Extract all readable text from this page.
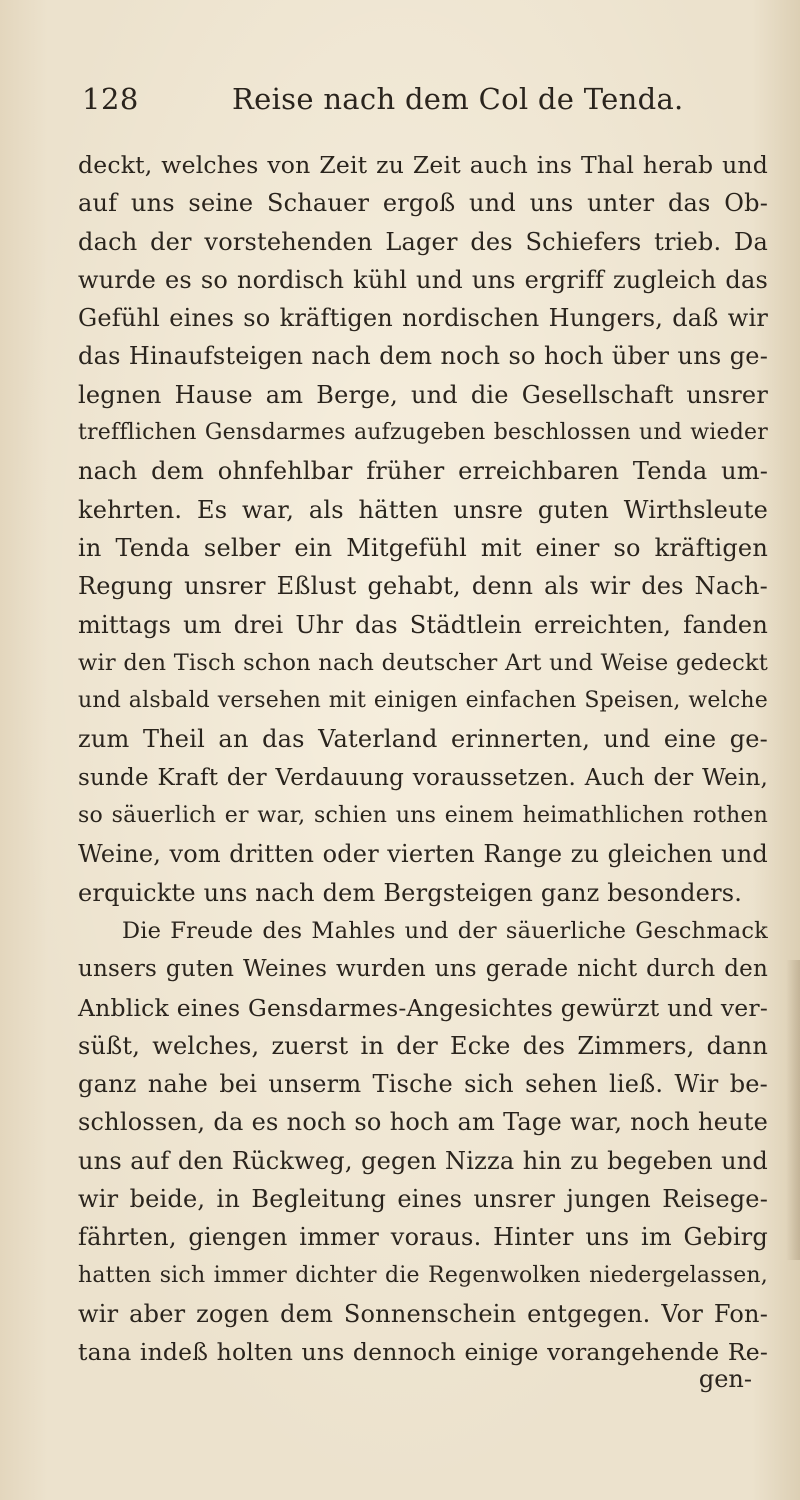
128	Reise nach dem Col de Tenda.
deckt, welches von Zeit zu Zeit auch ins Thal herab und
auf uns seine Schauer ergoß und uns unter das Ob-
dach der vorstehenden Lager des Schiefers trieb. Da
wurde es so nordisch kühl und uns ergriff zugleich das
Gefühl eines so kräftigen nordischen Hungers, daß wir
das Hinaufsteigen nach dem noch so hoch über uns ge-
legnen Hause am Berge, und die Gesellschaft unsrer
trefflichen Gensdarmes aufzugeben beschlossen und wieder
nach dem ohnfehlbar früher erreichbaren Tenda um-
kehrten. Es war, als hätten unsre guten Wirthsleute
in Tenda selber ein Mitgefühl mit einer so kräftigen
Regung unsrer Eßlust gehabt, denn als wir des Nach-
mittags um drei Uhr das Städtlein erreichten, fanden
wir den Tisch schon nach deutscher Art und Weise gedeckt
und alsbald versehen mit einigen einfachen Speisen, welche
zum Theil an das Vaterland erinnerten, und eine ge-
sunde Kraft der Verdauung voraussetzen. Auch der Wein,
so säuerlich er war, schien uns einem heimathlichen rothen
Weine, vom dritten oder vierten Range zu gleichen und
erquickte uns nach dem Bergsteigen ganz besonders.
Die Freude des Mahles und der säuerliche Geschmack
unsers guten Weines wurden uns gerade nicht durch den
Anblick eines Gensdarmes-Angesichtes gewürzt und ver-
süßt, welches, zuerst in der Ecke des Zimmers, dann
ganz nahe bei unserm Tische sich sehen ließ. Wir be-
schlossen, da es noch so hoch am Tage war, noch heute
uns auf den Rückweg, gegen Nizza hin zu begeben und
wir beide, in Begleitung eines unsrer jungen Reisege-
fährten, giengen immer voraus. Hinter uns im Gebirg
hatten sich immer dichter die Regenwolken niedergelassen,
wir aber zogen dem Sonnenschein entgegen. Vor Fon-
tana indeß holten uns dennoch einige vorangehende Re-
gen-
